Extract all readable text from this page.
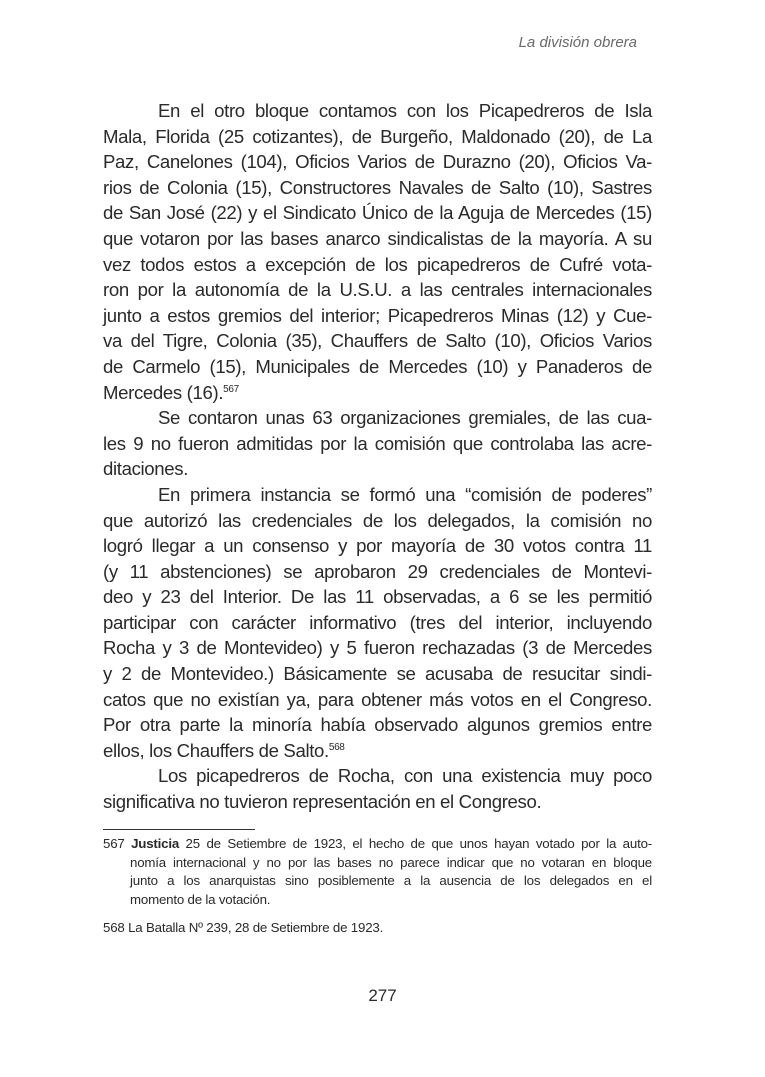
La división obrera
En el otro bloque contamos con los Picapedreros de Isla
Mala, Florida (25 cotizantes), de Burgeño, Maldonado (20), de La
Paz, Canelones (104), Oficios Varios de Durazno (20), Oficios Va-
rios de Colonia (15), Constructores Navales de Salto (10), Sastres
de San José (22) y el Sindicato Único de la Aguja de Mercedes (15)
que votaron por las bases anarco sindicalistas de la mayoría. A su
vez todos estos a excepción de los picapedreros de Cufré vota-
ron por la autonomía de la U.S.U. a las centrales internacionales
junto a estos gremios del interior; Picapedreros Minas (12) y Cue-
va del Tigre, Colonia (35), Chauffers de Salto (10), Oficios Varios
de Carmelo (15), Municipales de Mercedes (10) y Panaderos de
Mercedes (16).$^{567}$
Se contaron unas 63 organizaciones gremiales, de las cua-
les 9 no fueron admitidas por la comisión que controlaba las acre-
ditaciones.
En primera instancia se formó una “comisión de poderes”
que autorizó las credenciales de los delegados, la comisión no
logró llegar a un consenso y por mayoría de 30 votos contra 11
(y 11 abstenciones) se aprobaron 29 credenciales de Montevi-
deo y 23 del Interior. De las 11 observadas, a 6 se les permitió
participar con carácter informativo (tres del interior, incluyendo
Rocha y 3 de Montevideo) y 5 fueron rechazadas (3 de Mercedes
y 2 de Montevideo.) Básicamente se acusaba de resucitar sindi-
catos que no existían ya, para obtener más votos en el Congreso.
Por otra parte la minoría había observado algunos gremios entre
ellos, los Chauffers de Salto.$^{568}$
Los picapedreros de Rocha, con una existencia muy poco
significativa no tuvieron representación en el Congreso.
567 Justicia 25 de Setiembre de 1923, el hecho de que unos hayan votado por la auto-
nomía internacional y no por las bases no parece indicar que no votaran en bloque
junto a los anarquistas sino posiblemente a la ausencia de los delegados en el
momento de la votación.
568 La Batalla Nº 239, 28 de Setiembre de 1923.
277
